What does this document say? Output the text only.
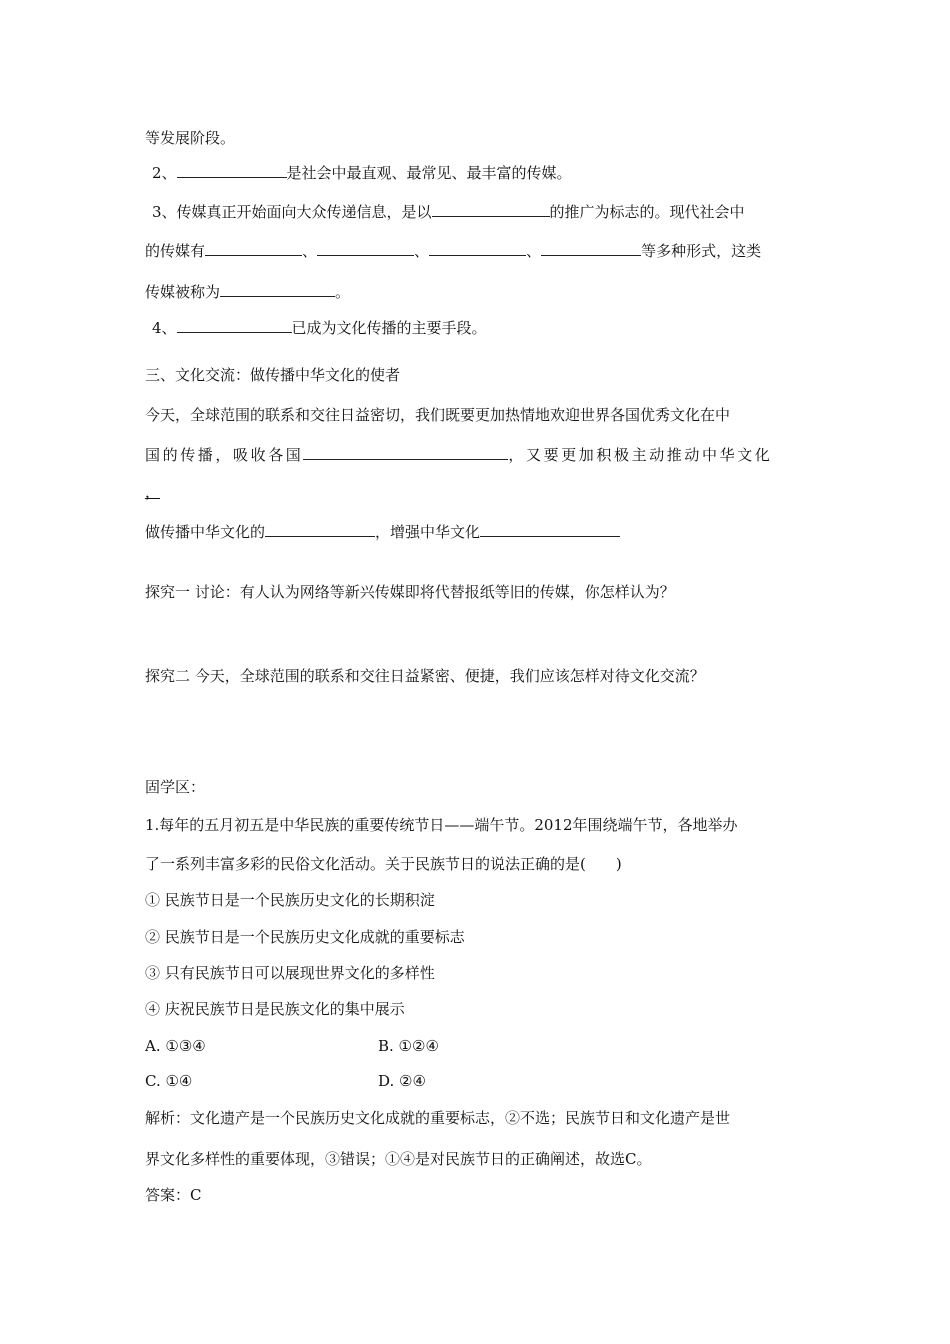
等发展阶段。
2、	是社会中最直观、最常见、最丰富的传媒。
3、传媒真正开始面向大众传递信息，是以	的推广为标志的。现代社会中
的传媒有	、	、	、	等多种形式，这类
传媒被称为	。
4、	已成为文化传播的主要手段。
三、文化交流：做传播中华文化的使者
今天，全球范围的联系和交往日益密切，我们既要更加热情地欢迎世界各国优秀文化在中
国的传播，吸收各国	，又要更加积极主动推动中华文化
，
做传播中华文化的	，增强中华文化
探究一 讨论：有人认为网络等新兴传媒即将代替报纸等旧的传媒，你怎样认为？
探究二 今天，全球范围的联系和交往日益紧密、便捷，我们应该怎样对待文化交流？
固学区：
1.每年的五月初五是中华民族的重要传统节日——端午节。2012年围绕端午节，各地举办
了一系列丰富多彩的民俗文化活动。关于民族节日的说法正确的是(　　)
① 民族节日是一个民族历史文化的长期积淀
② 民族节日是一个民族历史文化成就的重要标志
③ 只有民族节日可以展现世界文化的多样性
④ 庆祝民族节日是民族文化的集中展示
A. ①③④	B. ①②④
C. ①④	D. ②④
解析：文化遗产是一个民族历史文化成就的重要标志，②不选；民族节日和文化遗产是世
界文化多样性的重要体现，③错误；①④是对民族节日的正确阐述，故选C。
答案：C
